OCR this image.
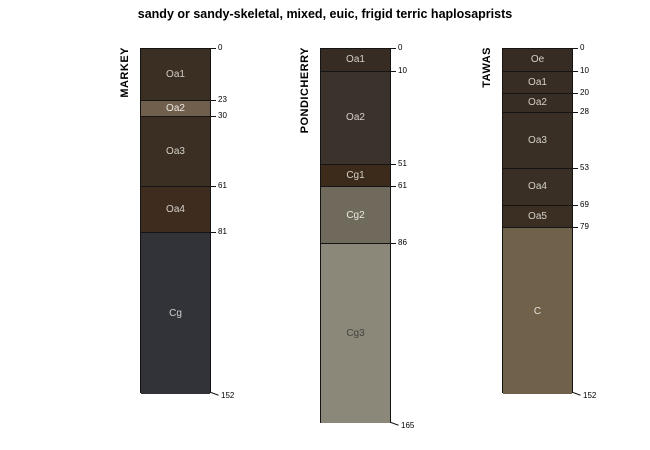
sandy or sandy-skeletal, mixed, euic, frigid terric haplosaprists
MARKEY	Oa1
Oa2
Oa3
Oa4
Cg
0
23
30
61
81
152
PONDICHERRY	Oa1
Oa2
Cg1
Cg2
Cg3
0
10
51
61
86
165
TAWAS	Oe
Oa1
Oa2
Oa3
Oa4
Oa5
C
0
10
20
28
53
69
79
152
